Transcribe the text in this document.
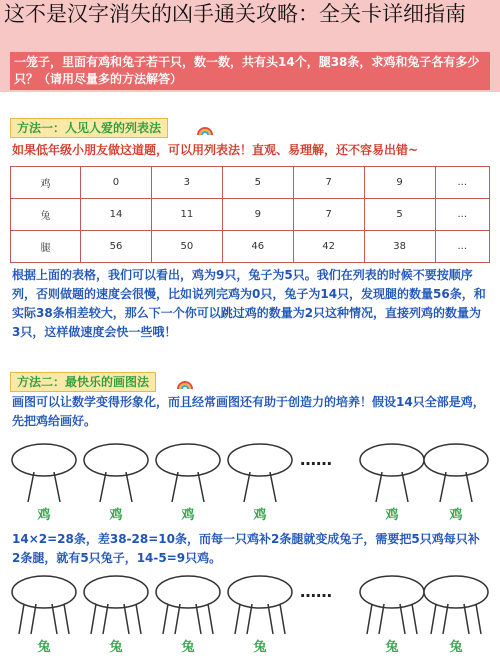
这不是汉字消失的凶手通关攻略：全关卡详细指南
一笼子，里面有鸡和兔子若干只，数一数，共有头14个，腿38条，求鸡和兔子各有多少只？（请用尽量多的方法解答）
方法一：人见人爱的列表法
如果低年级小朋友做这道题，可以用列表法！直观、易理解，还不容易出错~
鸡	0	3	5	7	9	...
兔	14	11	9	7	5	...
腿	56	50	46	42	38	...
根据上面的表格，我们可以看出，鸡为9只，兔子为5只。我们在列表的时候不要按顺序列，否则做题的速度会很慢，比如说列完鸡为0只，兔子为14只，发现腿的数量56条，和实际38条相差较大，那么下一个你可以跳过鸡的数量为2只这种情况，直接列鸡的数量为3只，这样做速度会快一些哦！
方法二：最快乐的画图法
画图可以让数学变得形象化，而且经常画图还有助于创造力的培养！假设14只全部是鸡，先把鸡给画好。
鸡	鸡	鸡	鸡
……
鸡	鸡
14×2=28条，差38-28=10条，而每一只鸡补2条腿就变成兔子，需要把5只鸡每只补2条腿，就有5只兔子，14-5=9只鸡。
兔	兔	兔	兔
……
兔	兔
